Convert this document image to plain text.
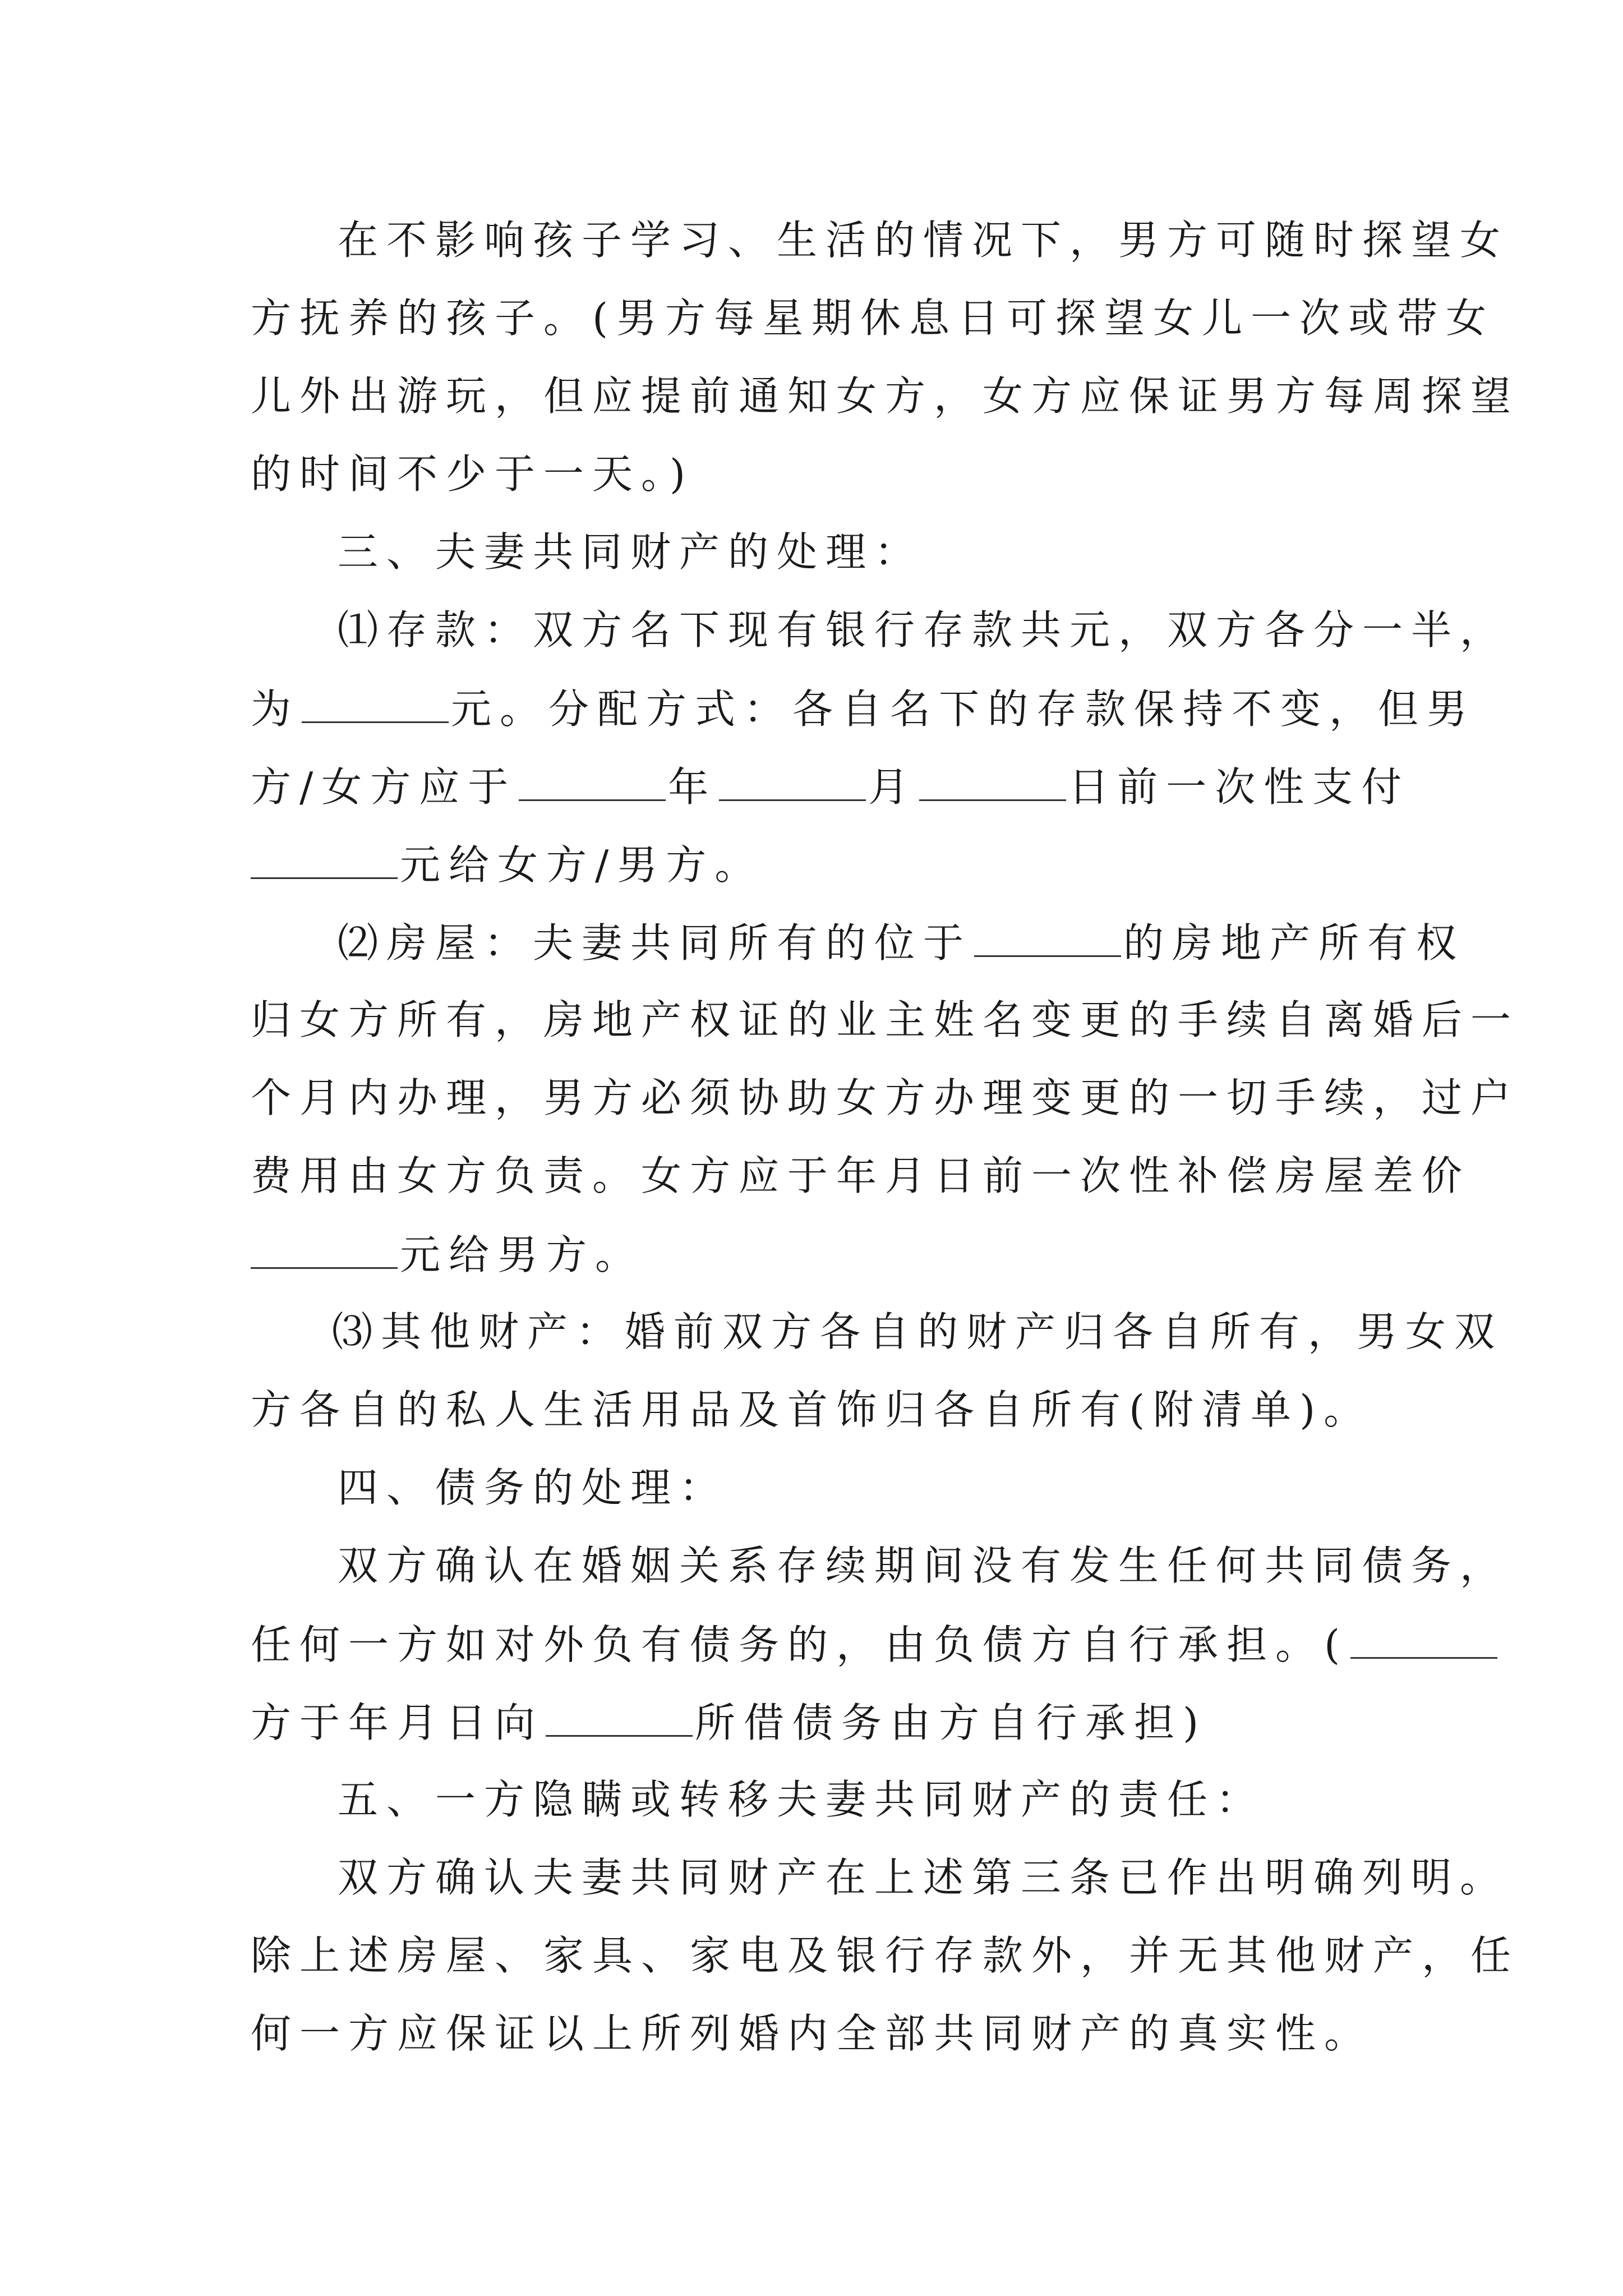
在不影响孩子学习、生活的情况下，男方可随时探望女
方抚养的孩子。(男方每星期休息日可探望女儿一次或带女
儿外出游玩，但应提前通知女方，女方应保证男方每周探望
的时间不少于一天。)
三、夫妻共同财产的处理：
⑴存款：双方名下现有银行存款共元，双方各分一半，
为	元。分配方式：各自名下的存款保持不变，但男
方/女方应于	年	月	日前一次性支付
元给女方/男方。
⑵房屋：夫妻共同所有的位于	的房地产所有权
归女方所有，房地产权证的业主姓名变更的手续自离婚后一
个月内办理，男方必须协助女方办理变更的一切手续，过户
费用由女方负责。女方应于年月日前一次性补偿房屋差价
元给男方。
⑶其他财产：婚前双方各自的财产归各自所有，男女双
方各自的私人生活用品及首饰归各自所有(附清单)。
四、债务的处理：
双方确认在婚姻关系存续期间没有发生任何共同债务，
任何一方如对外负有债务的，由负债方自行承担。(
方于年月日向	所借债务由方自行承担)
五、一方隐瞒或转移夫妻共同财产的责任：
双方确认夫妻共同财产在上述第三条已作出明确列明。
除上述房屋、家具、家电及银行存款外，并无其他财产，任
何一方应保证以上所列婚内全部共同财产的真实性。
